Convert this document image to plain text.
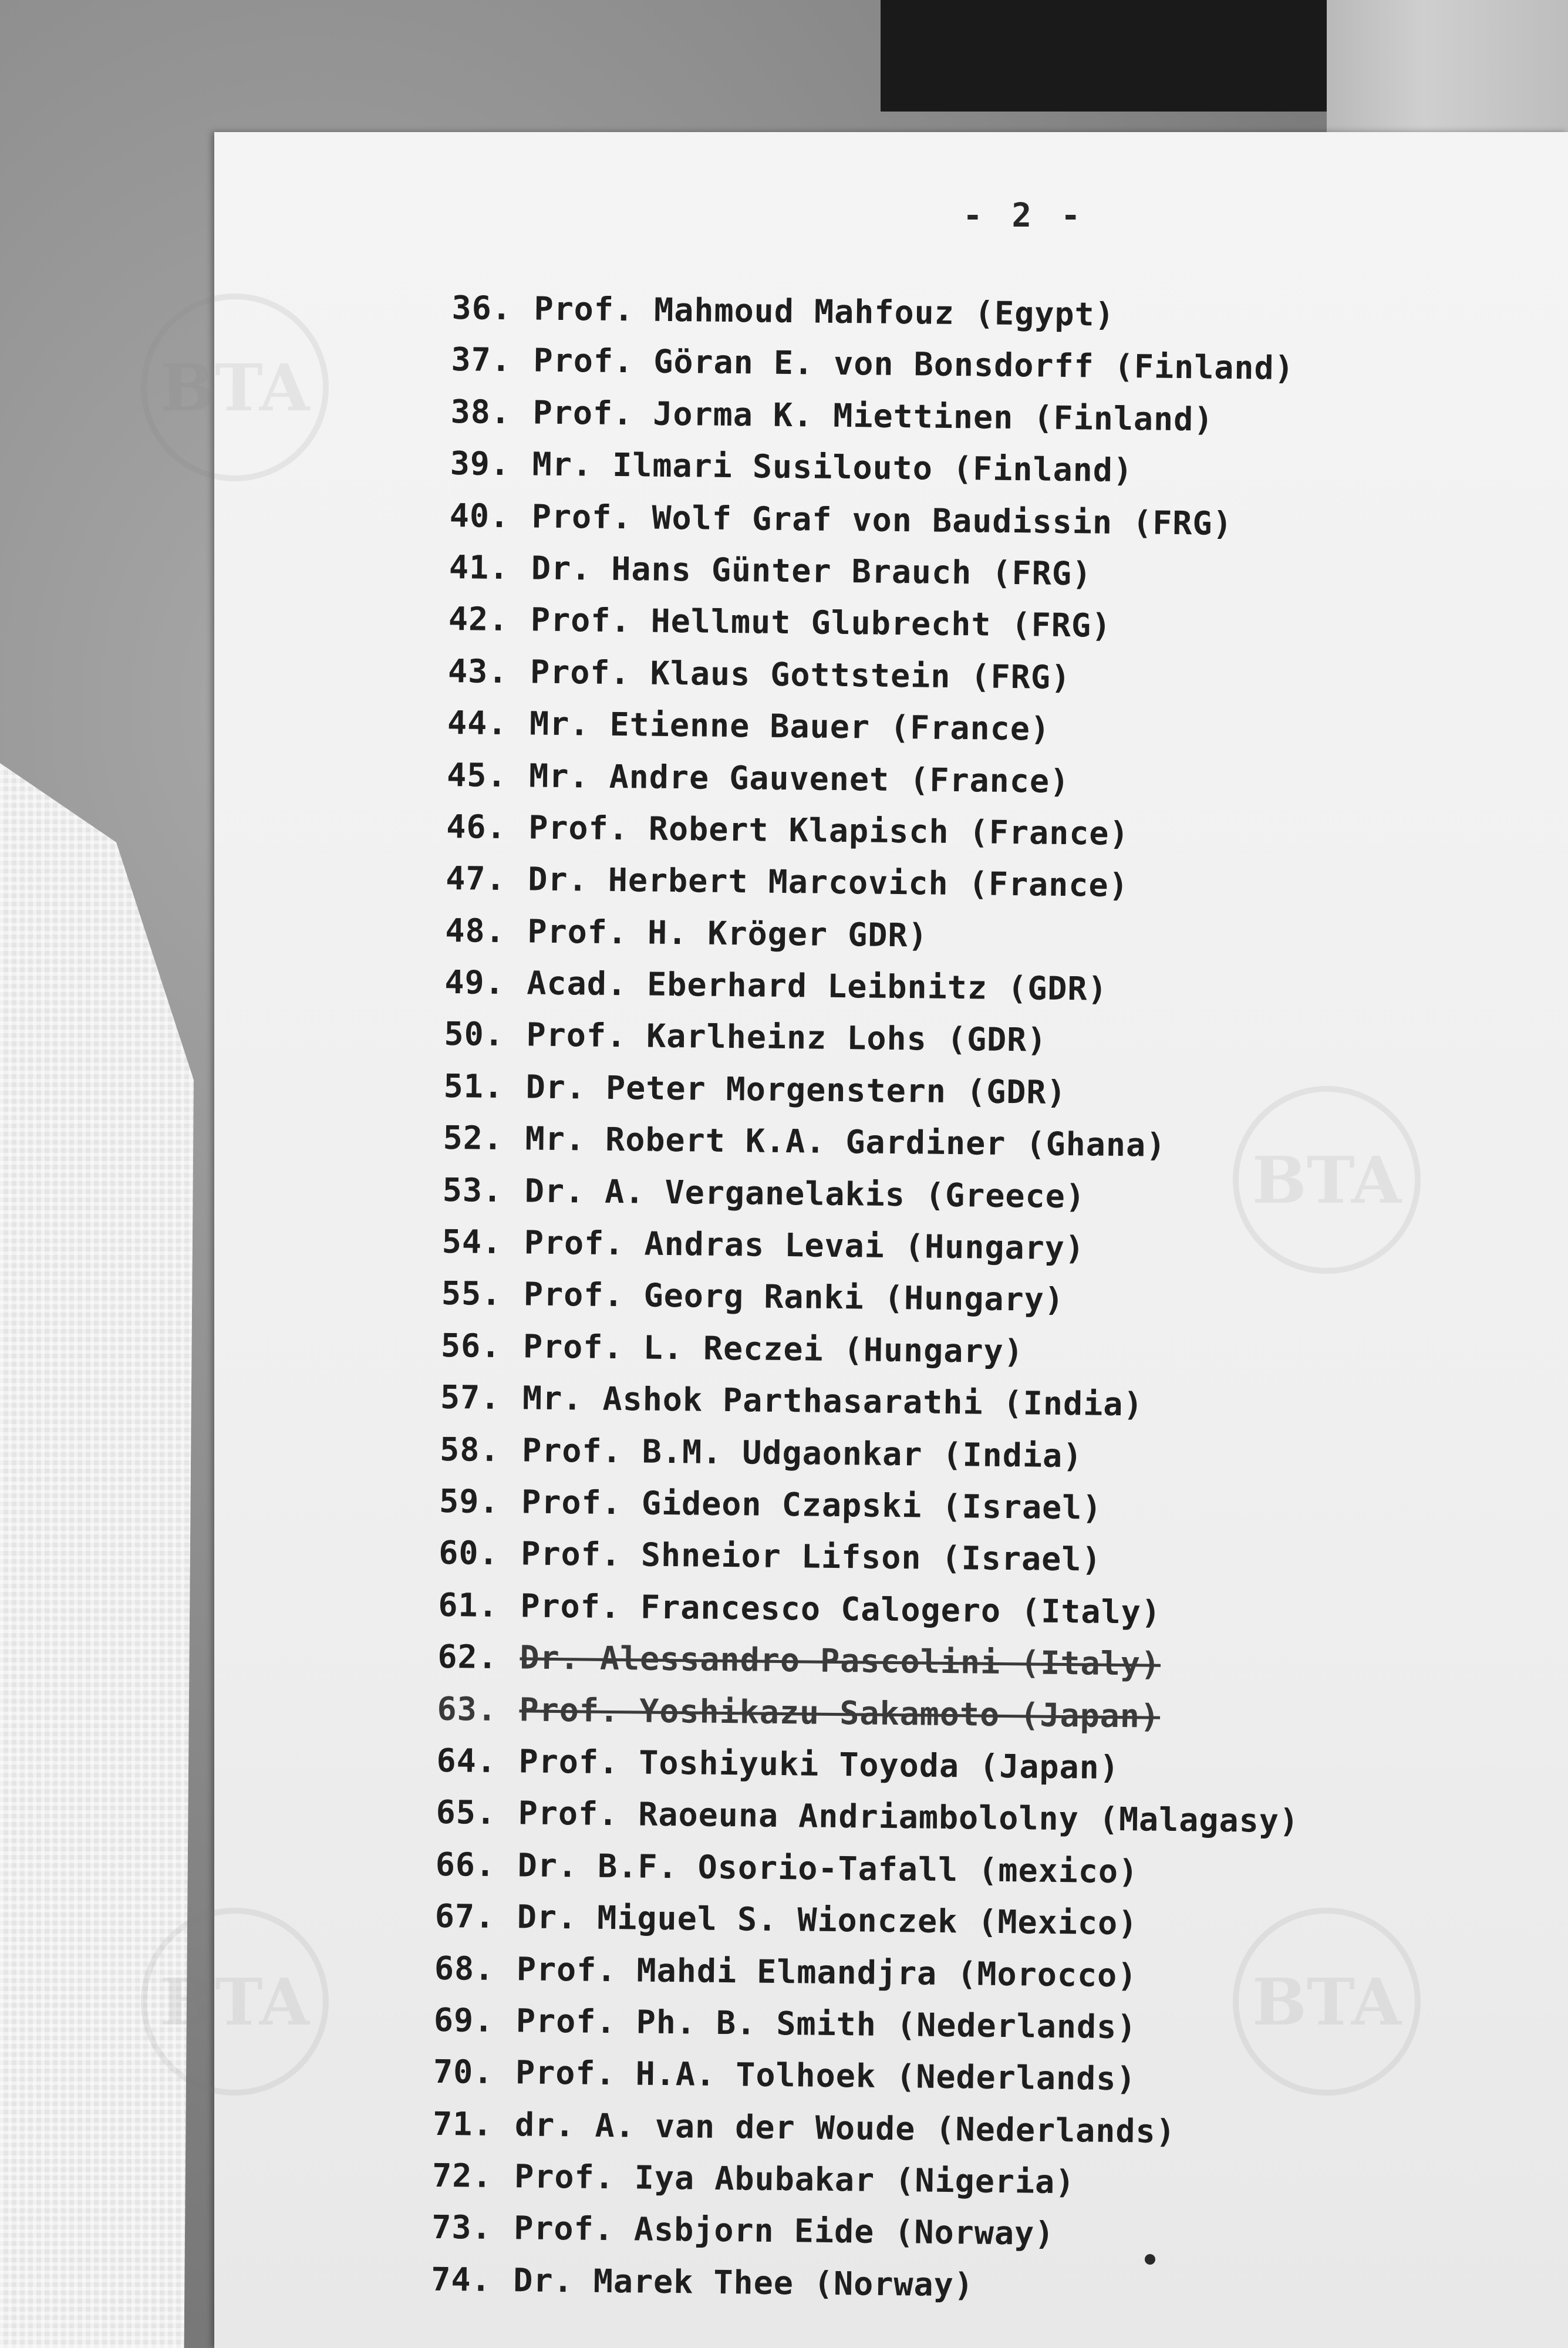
BTA
BTA
BTA	BTA
- 2 -
36. Prof. Mahmoud Mahfouz (Egypt)
37. Prof. Göran E. von Bonsdorff (Finland)
38. Prof. Jorma K. Miettinen (Finland)
39. Mr. Ilmari Susilouto (Finland)
40. Prof. Wolf Graf von Baudissin (FRG)
41. Dr. Hans Günter Brauch (FRG)
42. Prof. Hellmut Glubrecht (FRG)
43. Prof. Klaus Gottstein (FRG)
44. Mr. Etienne Bauer (France)
45. Mr. Andre Gauvenet (France)
46. Prof. Robert Klapisch (France)
47. Dr. Herbert Marcovich (France)
48. Prof. H. Kröger GDR)
49. Acad. Eberhard Leibnitz (GDR)
50. Prof. Karlheinz Lohs (GDR)
51. Dr. Peter Morgenstern (GDR)
52. Mr. Robert K.A. Gardiner (Ghana)
53. Dr. A. Verganelakis (Greece)
54. Prof. Andras Levai (Hungary)
55. Prof. Georg Ranki (Hungary)
56. Prof. L. Reczei (Hungary)
57. Mr. Ashok Parthasarathi (India)
58. Prof. B.M. Udgaonkar (India)
59. Prof. Gideon Czapski (Israel)
60. Prof. Shneior Lifson (Israel)
61. Prof. Francesco Calogero (Italy)
62. Dr. Alessandro Pascolini (Italy)
63. Prof. Yoshikazu Sakamoto (Japan)
64. Prof. Toshiyuki Toyoda (Japan)
65. Prof. Raoeuna Andriambololny (Malagasy)
66. Dr. B.F. Osorio-Tafall (mexico)
67. Dr. Miguel S. Wionczek (Mexico)
68. Prof. Mahdi Elmandjra (Morocco)
69. Prof. Ph. B. Smith (Nederlands)
70. Prof. H.A. Tolhoek (Nederlands)
71. dr. A. van der Woude (Nederlands)
72. Prof. Iya Abubakar (Nigeria)
73. Prof. Asbjorn Eide (Norway)
74. Dr. Marek Thee (Norway)
